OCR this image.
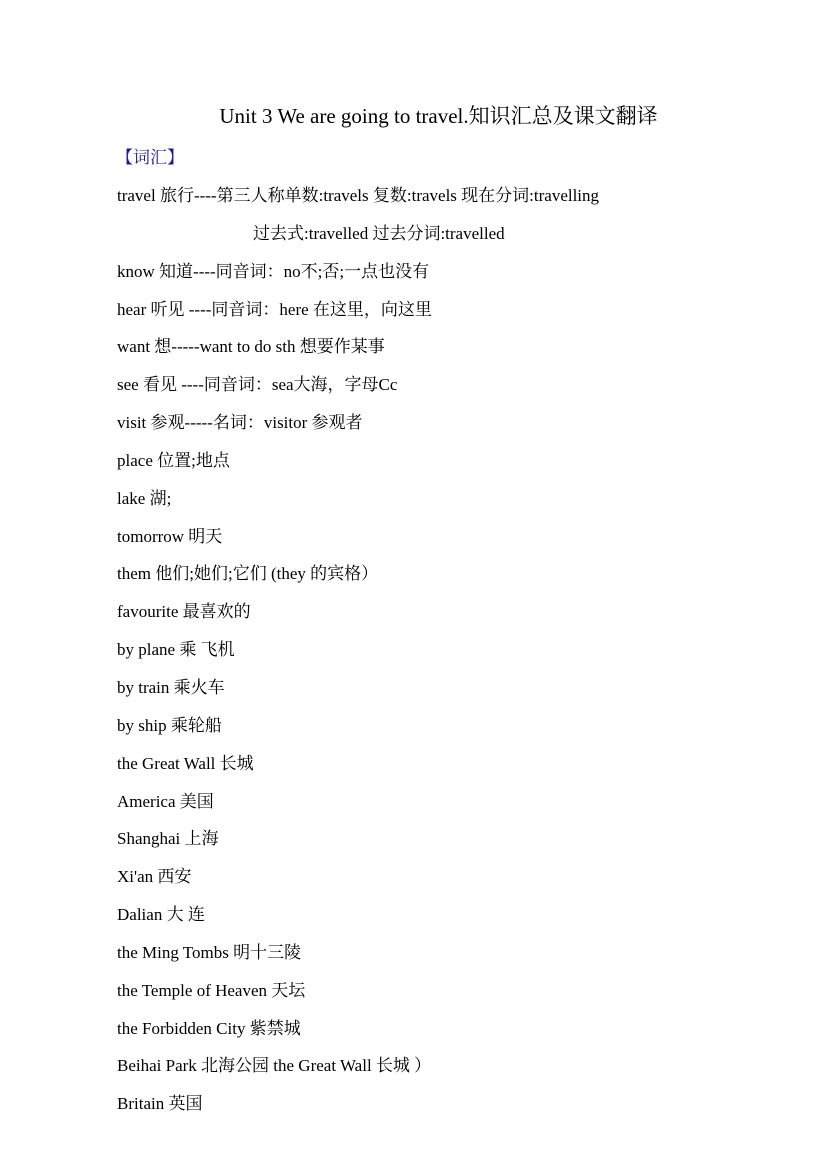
Unit 3 We are going to travel.知识汇总及课文翻译
【词汇】
travel 旅行----第三人称单数:travels 复数:travels 现在分词:travelling
过去式:travelled 过去分词:travelled
know 知道----同音词：no不;否;一点也没有
hear 听见 ----同音词：here 在这里，向这里
want 想-----want to do sth 想要作某事
see 看见 ----同音词：sea大海，字母Cc
visit 参观-----名词：visitor 参观者
place 位置;地点
lake 湖;
tomorrow 明天
them 他们;她们;它们 (they 的宾格）
favourite 最喜欢的
by plane 乘 飞机
by train 乘火车
by ship 乘轮船
the Great Wall 长城
America 美国
Shanghai 上海
Xi'an 西安
Dalian 大 连
the Ming Tombs 明十三陵
the Temple of Heaven 天坛
the Forbidden City 紫禁城
Beihai Park 北海公园 the Great Wall 长城 ）
Britain 英国
